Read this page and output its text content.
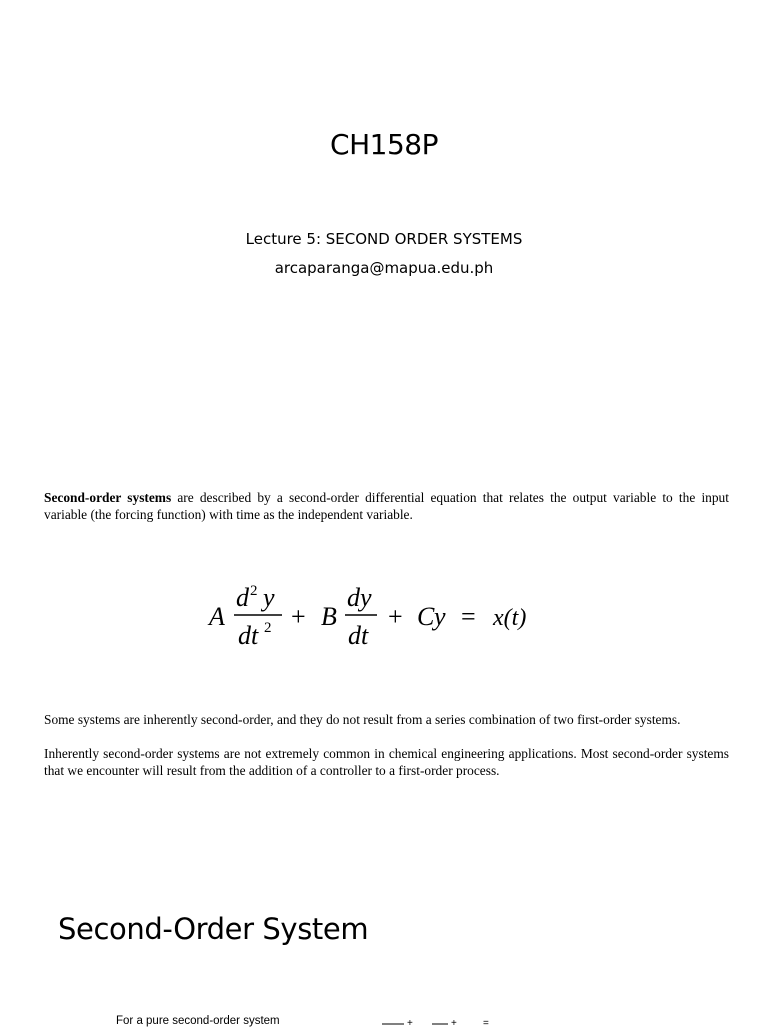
CH158P
Lecture 5: SECOND ORDER SYSTEMS
arcaparanga@mapua.edu.ph

Second-order systems are described by a second-order differential equation that relates the output variable to the input variable (the forcing function) with time as the independent variable.

A
d 2 y
dt 2 + B
dy
dt
+ C y = x(t)

Some systems are inherently second-order, and they do not result from a series combination of two first-order systems.

Inherently second-order systems are not extremely common in chemical engineering applications. Most second-order systems that we encounter will result from the addition of a controller to a first-order process.

Second-Order System
For a pure second-order system	+	+	=
